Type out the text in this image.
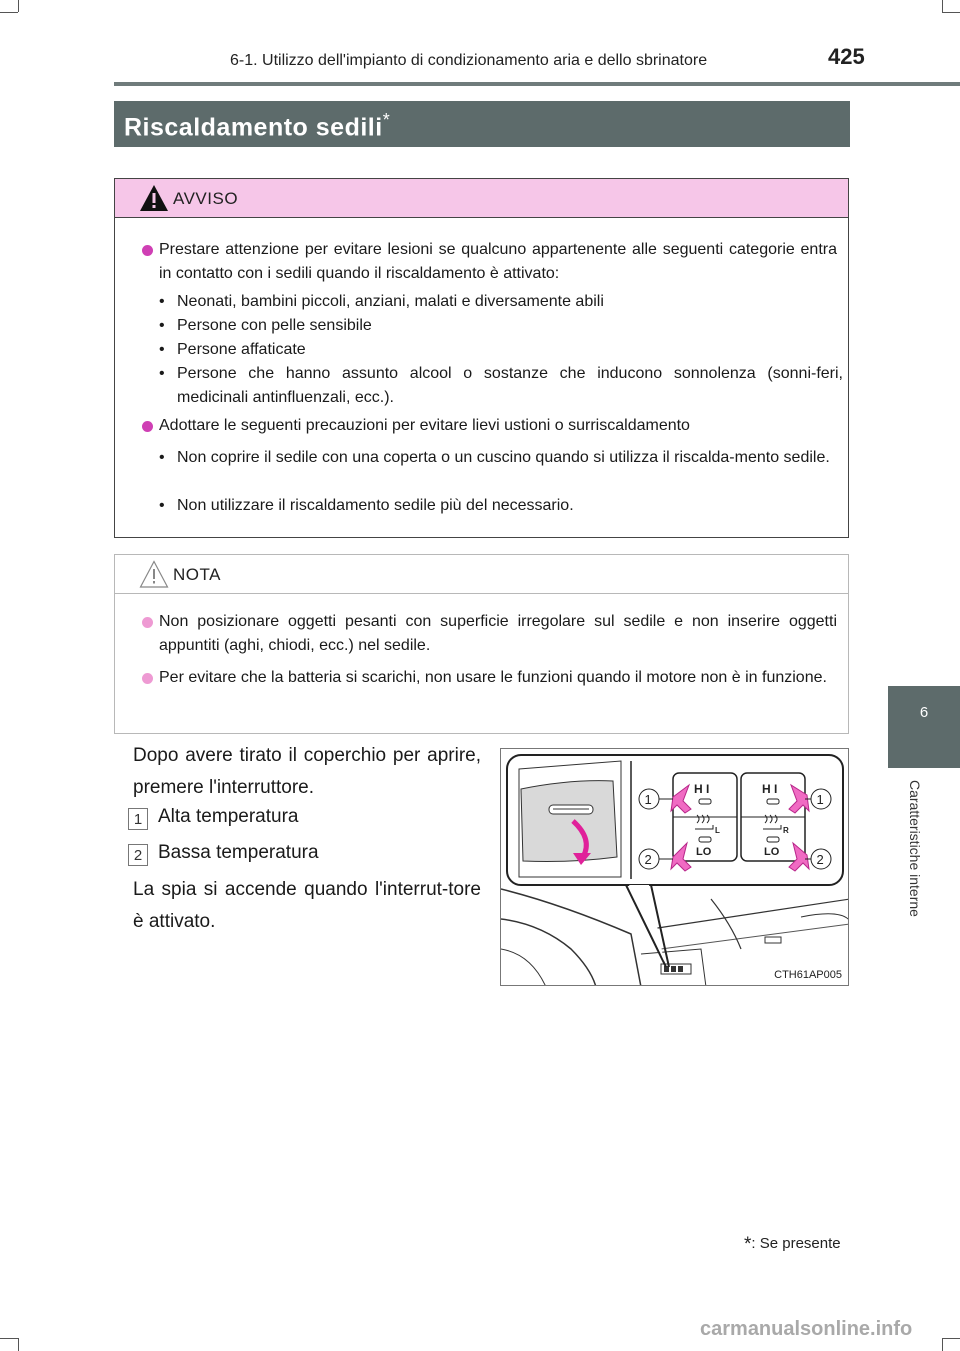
6-1. Utilizzo dell'impianto di condizionamento aria e dello sbrinatore	425
6
Caratteristiche interne
Riscaldamento sedili*
AVVISO
Prestare attenzione per evitare lesioni se qualcuno appartenente alle seguenti categorie entra in contatto con i sedili quando il riscaldamento è attivato:
• Neonati, bambini piccoli, anziani, malati e diversamente abili
• Persone con pelle sensibile
• Persone affaticate
• Persone che hanno assunto alcool o sostanze che inducono sonnolenza (sonni-feri, medicinali antinfluenzali, ecc.).
Adottare le seguenti precauzioni per evitare lievi ustioni o surriscaldamento
• Non coprire il sedile con una coperta o un cuscino quando si utilizza il riscalda-mento sedile.
• Non utilizzare il riscaldamento sedile più del necessario.
NOTA
Non posizionare oggetti pesanti con superficie irregolare sul sedile e non inserire oggetti appuntiti (aghi, chiodi, ecc.) nel sedile.
Per evitare che la batteria si scarichi, non usare le funzioni quando il motore non è in funzione.
Dopo avere tirato il coperchio per aprire, premere l'interruttore.
1 Alta temperatura
2 Bassa temperatura
La spia si accende quando l'interrut-tore è attivato.
H I
L
LO
H I
R
LO
1
2
1
2
CTH61AP005
*: Se presente
carmanualsonline.info
